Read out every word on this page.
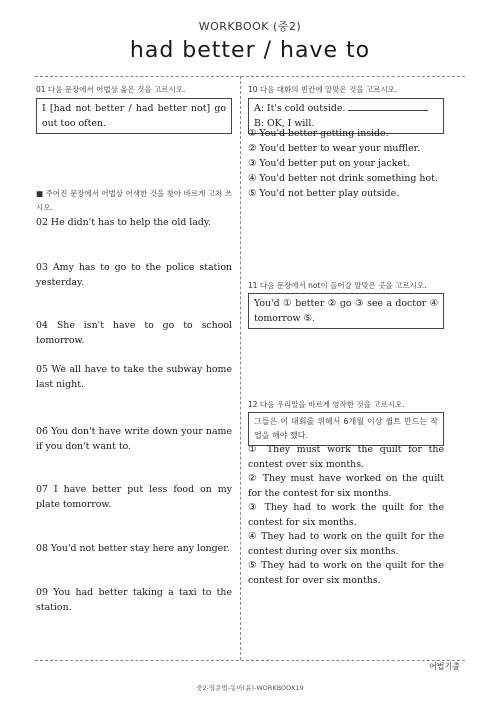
WORKBOOK (중2)
had better / have to
01 다음 문장에서 어법상 옳은 것을 고르시오.
I [had not better / had better not] go out too often.
■ 주어진 문장에서 어법상 어색한 것을 찾아 바르게 고쳐 쓰시오.
02 He didn't has to help the old lady.
03 Amy has to go to the police station yesterday.
04 She isn't have to go to school tomorrow.
05 We all have to take the subway home last night.
06 You don't have write down your name if you don't want to.
07 I have better put less food on my plate tomorrow.
08 You'd not better stay here any longer.
09 You had better taking a taxi to the station.
10 다음 대화의 빈칸에 알맞은 것을 고르시오.
A: It's cold outside.
B: OK, I will.
① You'd better getting inside.
② You'd better to wear your muffler.
③ You'd better put on your jacket.
④ You'd better not drink something hot.
⑤ You'd not better play outside.
11 다음 문장에서 not이 들어갈 알맞은 곳을 고르시오.
You'd ① better ② go ③ see a doctor ④ tomorrow ⑤.
12 다음 우리말을 바르게 영작한 것을 고르시오.
그들은 이 대회를 위해서 6개월 이상 퀼트 만드는 작업을 해야 했다.
① They must work the quilt for the contest over six months.
② They must have worked on the quilt for the contest for six months.
③ They had to work the quilt for the contest for six months.
④ They had to work on the quilt for the contest during over six months.
⑤ They had to work on the quilt for the contest for over six months.
어법기출
중2-영문법-동아(윤)-WORKBOOK19
